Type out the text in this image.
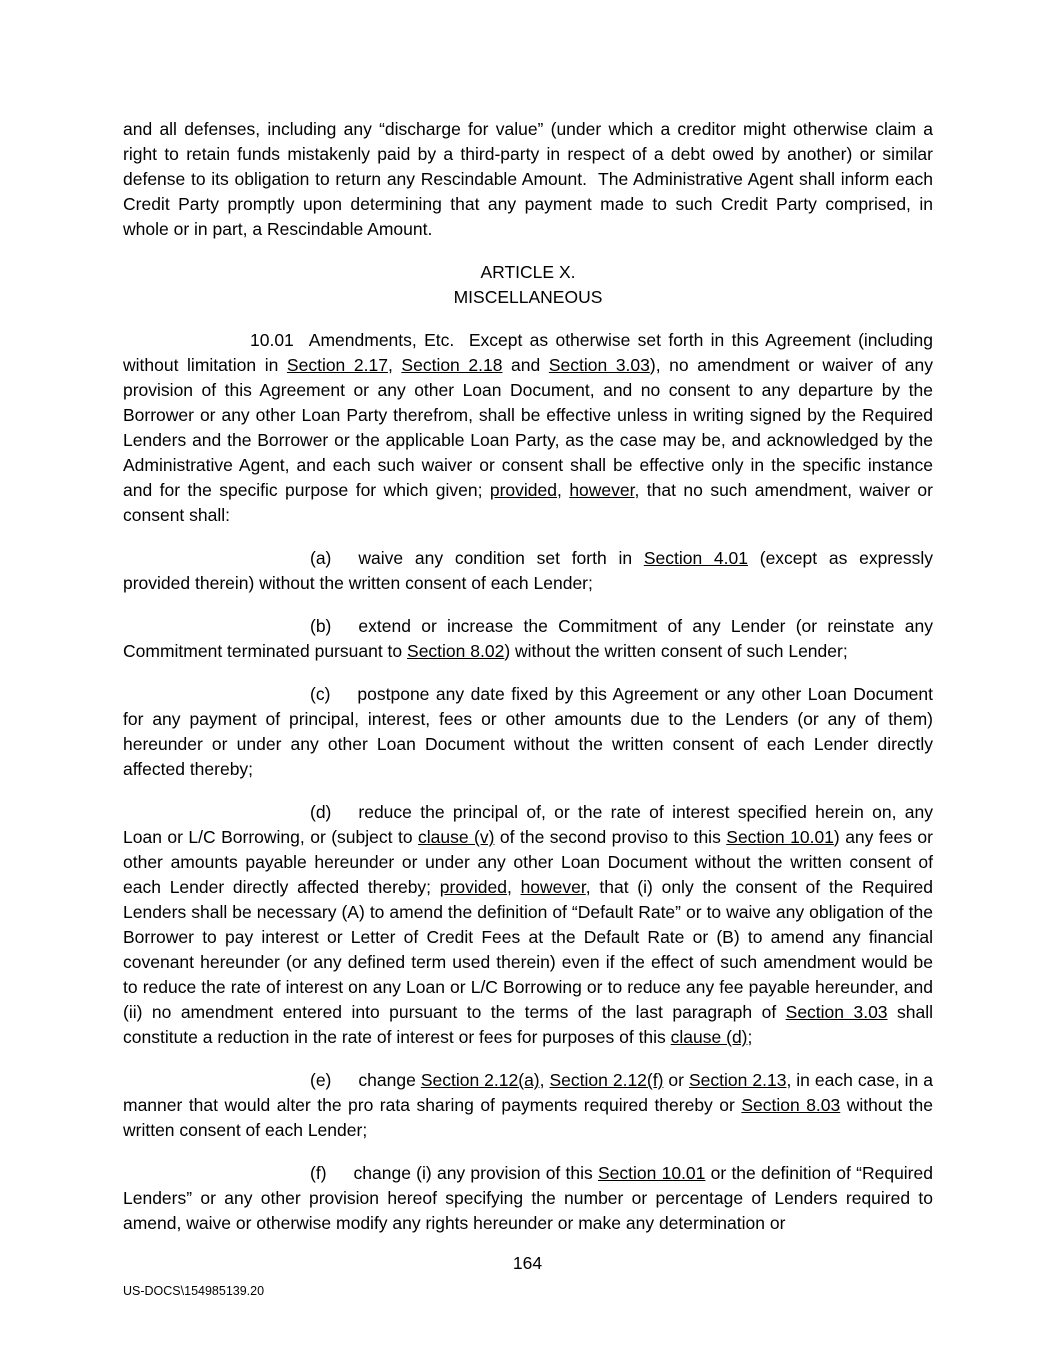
and all defenses, including any “discharge for value” (under which a creditor might otherwise claim a right to retain funds mistakenly paid by a third-party in respect of a debt owed by another) or similar defense to its obligation to return any Rescindable Amount.  The Administrative Agent shall inform each Credit Party promptly upon determining that any payment made to such Credit Party comprised, in whole or in part, a Rescindable Amount.

ARTICLE X.
MISCELLANEOUS

10.01 Amendments, Etc.  Except as otherwise set forth in this Agreement (including without limitation in Section 2.17, Section 2.18 and Section 3.03), no amendment or waiver of any provision of this Agreement or any other Loan Document, and no consent to any departure by the Borrower or any other Loan Party therefrom, shall be effective unless in writing signed by the Required Lenders and the Borrower or the applicable Loan Party, as the case may be, and acknowledged by the Administrative Agent, and each such waiver or consent shall be effective only in the specific instance and for the specific purpose for which given; provided, however, that no such amendment, waiver or consent shall:

(a) waive any condition set forth in Section 4.01 (except as expressly provided therein) without the written consent of each Lender;

(b) extend or increase the Commitment of any Lender (or reinstate any Commitment terminated pursuant to Section 8.02) without the written consent of such Lender;

(c) postpone any date fixed by this Agreement or any other Loan Document for any payment of principal, interest, fees or other amounts due to the Lenders (or any of them) hereunder or under any other Loan Document without the written consent of each Lender directly affected thereby;

(d) reduce the principal of, or the rate of interest specified herein on, any Loan or L/C Borrowing, or (subject to clause (v) of the second proviso to this Section 10.01) any fees or other amounts payable hereunder or under any other Loan Document without the written consent of each Lender directly affected thereby; provided, however, that (i) only the consent of the Required Lenders shall be necessary (A) to amend the definition of “Default Rate” or to waive any obligation of the Borrower to pay interest or Letter of Credit Fees at the Default Rate or (B) to amend any financial covenant hereunder (or any defined term used therein) even if the effect of such amendment would be to reduce the rate of interest on any Loan or L/C Borrowing or to reduce any fee payable hereunder, and (ii) no amendment entered into pursuant to the terms of the last paragraph of Section 3.03 shall constitute a reduction in the rate of interest or fees for purposes of this clause (d);

(e) change Section 2.12(a), Section 2.12(f) or Section 2.13, in each case, in a manner that would alter the pro rata sharing of payments required thereby or Section 8.03 without the written consent of each Lender;

(f) change (i) any provision of this Section 10.01 or the definition of “Required Lenders” or any other provision hereof specifying the number or percentage of Lenders required to amend, waive or otherwise modify any rights hereunder or make any determination or

164
US-DOCS\154985139.20
